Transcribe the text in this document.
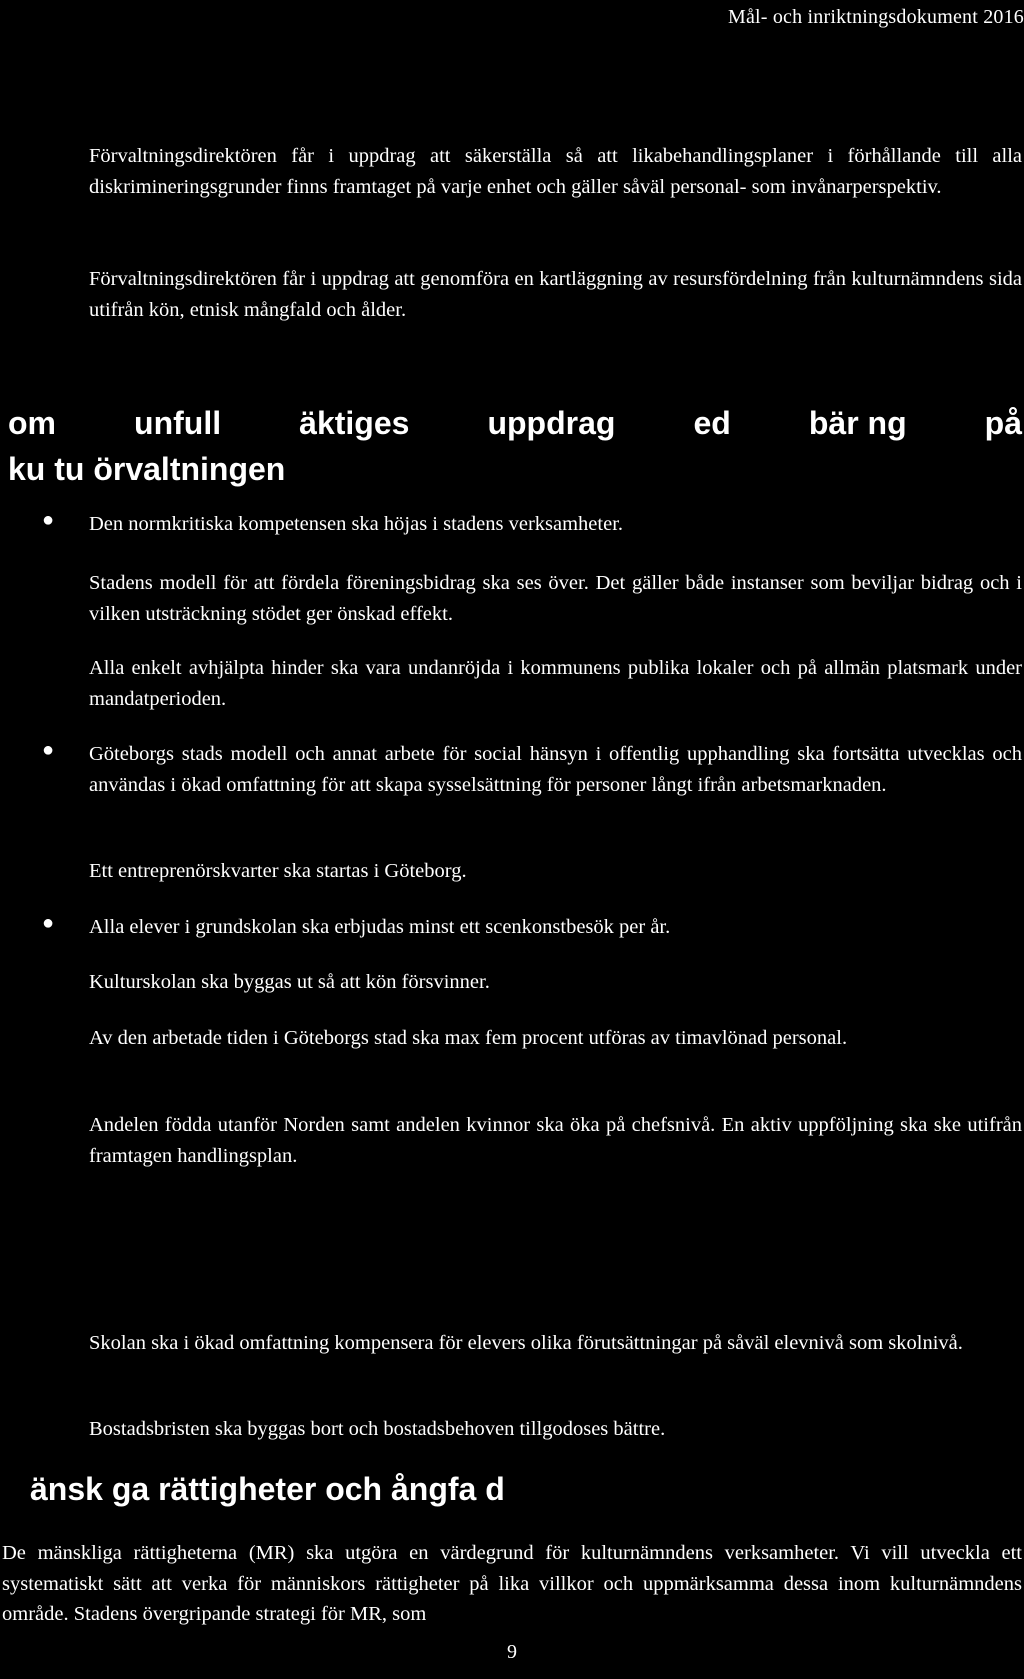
Mål- och inriktningsdokument 2016

Förvaltningsdirektören får i uppdrag att säkerställa så att likabehandlingsplaner i förhållande till alla diskrimineringsgrunder finns framtaget på varje enhet och gäller såväl personal- som invånarperspektiv.

Förvaltningsdirektören får i uppdrag att genomföra en kartläggning av resursfördelning från kulturnämndens sida utifrån kön, etnisk mångfald och ålder.

om unfull äktiges uppdrag ed bär ng på
ku tu örvaltningen
● Den normkritiska kompetensen ska höjas i stadens verksamheter.

Stadens modell för att fördela föreningsbidrag ska ses över. Det gäller både instanser som beviljar bidrag och i vilken utsträckning stödet ger önskad effekt.

Alla enkelt avhjälpta hinder ska vara undanröjda i kommunens publika lokaler och på allmän platsmark under mandatperioden.

● Göteborgs stads modell och annat arbete för social hänsyn i offentlig upphandling ska fortsätta utvecklas och användas i ökad omfattning för att skapa sysselsättning för personer långt ifrån arbetsmarknaden.

Ett entreprenörskvarter ska startas i Göteborg.

● Alla elever i grundskolan ska erbjudas minst ett scenkonstbesök per år.

Kulturskolan ska byggas ut så att kön försvinner.

Av den arbetade tiden i Göteborgs stad ska max fem procent utföras av timavlönad personal.

Andelen födda utanför Norden samt andelen kvinnor ska öka på chefsnivå. En aktiv uppföljning ska ske utifrån framtagen handlingsplan.

Skolan ska i ökad omfattning kompensera för elevers olika förutsättningar på såväl elevnivå som skolnivå.

Bostadsbristen ska byggas bort och bostadsbehoven tillgodoses bättre.

änsk ga rättigheter och ångfa d

De mänskliga rättigheterna (MR) ska utgöra en värdegrund för kulturnämndens verksamheter. Vi vill utveckla ett systematiskt sätt att verka för människors rättigheter på lika villkor och uppmärksamma dessa inom kulturnämndens område. Stadens övergripande strategi för MR, som

9
